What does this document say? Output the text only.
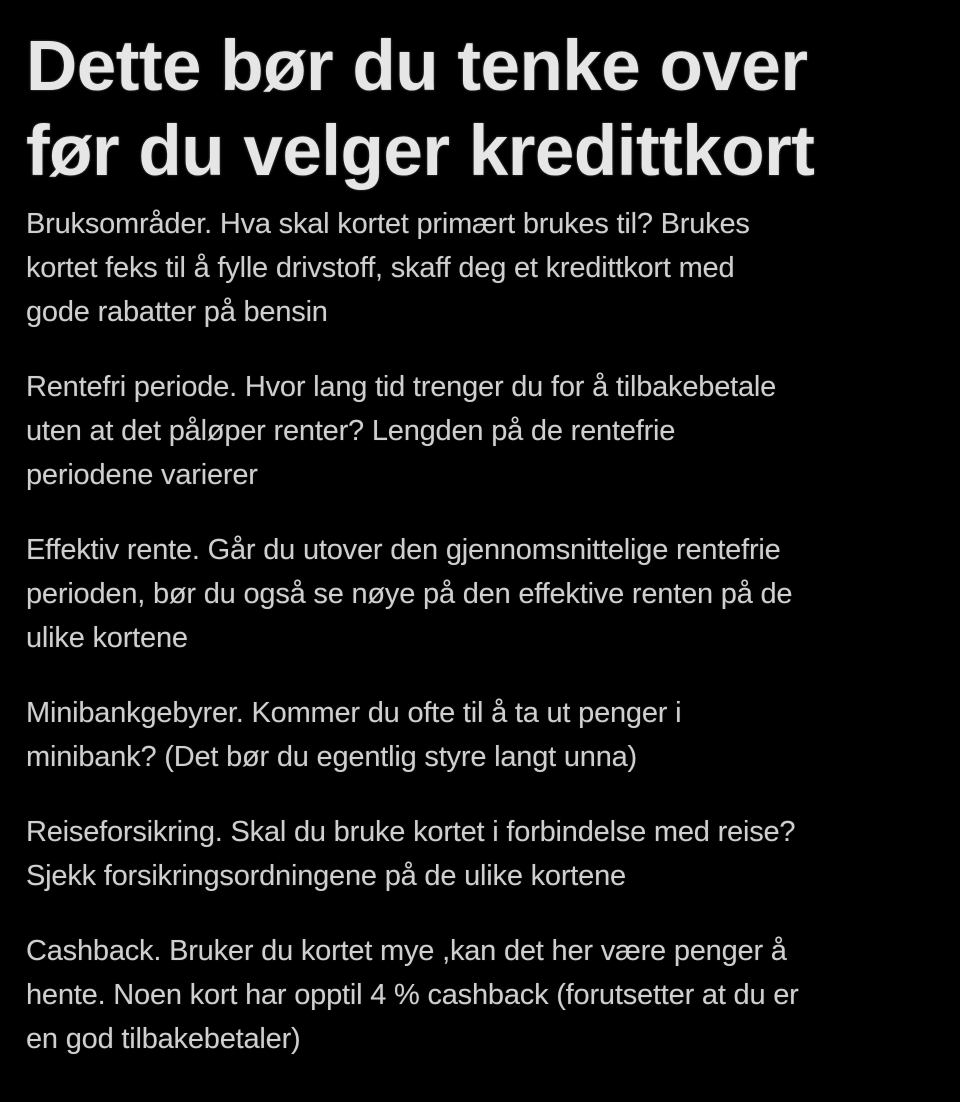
Dette bør du tenke over
før du velger kredittkort

Bruksområder. Hva skal kortet primært brukes til? Brukes
kortet feks til å fylle drivstoff, skaff deg et kredittkort med
gode rabatter på bensin

Rentefri periode. Hvor lang tid trenger du for å tilbakebetale
uten at det påløper renter? Lengden på de rentefrie
periodene varierer

Effektiv rente. Går du utover den gjennomsnittelige rentefrie
perioden, bør du også se nøye på den effektive renten på de
ulike kortene

Minibankgebyrer. Kommer du ofte til å ta ut penger i
minibank? (Det bør du egentlig styre langt unna)

Reiseforsikring. Skal du bruke kortet i forbindelse med reise?
Sjekk forsikringsordningene på de ulike kortene

Cashback. Bruker du kortet mye ,kan det her være penger å
hente. Noen kort har opptil 4 % cashback (forutsetter at du er
en god tilbakebetaler)
